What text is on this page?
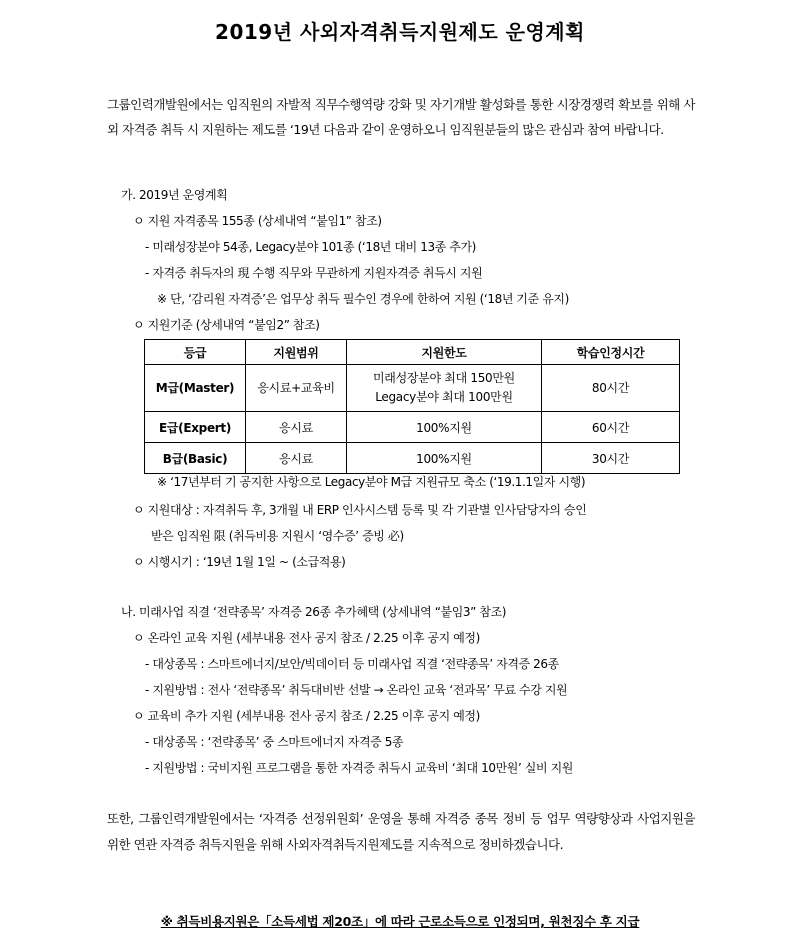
2019년 사외자격취득지원제도 운영계획

그룹인력개발원에서는 임직원의 자발적 직무수행역량 강화 및 자기개발 활성화를 통한 시장경쟁력 확보를 위해 사외 자격증 취득 시 지원하는 제도를 ‘19년 다음과 같이 운영하오니 임직원분들의 많은 관심과 참여 바랍니다.

가. 2019년 운영계획
ㅇ 지원 자격종목 155종 (상세내역 “붙임1” 참조)
- 미래성장분야 54종, Legacy분야 101종 (‘18년 대비 13종 추가)
- 자격증 취득자의 現 수행 직무와 무관하게 지원자격증 취득시 지원
※ 단, ‘감리원 자격증’은 업무상 취득 필수인 경우에 한하여 지원 (‘18년 기준 유지)
ㅇ 지원기준 (상세내역 “붙임2” 참조)
등급	지원범위	지원한도	학습인정시간
M급(Master)	응시료+교육비	미래성장분야 최대 150만원
Legacy분야 최대 100만원	80시간
E급(Expert)	응시료	100%지원	60시간
B급(Basic)	응시료	100%지원	30시간
※ ‘17년부터 기 공지한 사항으로 Legacy분야 M급 지원규모 축소 (‘19.1.1일자 시행)
ㅇ 지원대상 : 자격취득 후, 3개월 내 ERP 인사시스템 등록 및 각 기관별 인사담당자의 승인
받은 임직원 限 (취득비용 지원시 ‘영수증’ 증빙 必)
ㅇ 시행시기 : ‘19년 1월 1일 ~ (소급적용)
나. 미래사업 직결 ‘전략종목’ 자격증 26종 추가혜택 (상세내역 “붙임3” 참조)
ㅇ 온라인 교육 지원 (세부내용 전사 공지 참조 / 2.25 이후 공지 예정)
- 대상종목 : 스마트에너지/보안/빅데이터 등 미래사업 직결 ‘전략종목’ 자격증 26종
- 지원방법 : 전사 ‘전략종목’ 취득대비반 선발 → 온라인 교육 ‘전과목’ 무료 수강 지원
ㅇ 교육비 추가 지원 (세부내용 전사 공지 참조 / 2.25 이후 공지 예정)
- 대상종목 : ‘전략종목’ 중 스마트에너지 자격증 5종
- 지원방법 : 국비지원 프로그램을 통한 자격증 취득시 교육비 ‘최대 10만원’ 실비 지원

또한, 그룹인력개발원에서는 ‘자격증 선정위원회’ 운영을 통해 자격증 종목 정비 등 업무 역량향상과 사업지원을 위한 연관 자격증 취득지원을 위해 사외자격취득지원제도를 지속적으로 정비하겠습니다.

※ 취득비용지원은「소득세법 제20조」에 따라 근로소득으로 인정되며, 원천징수 후 지급
